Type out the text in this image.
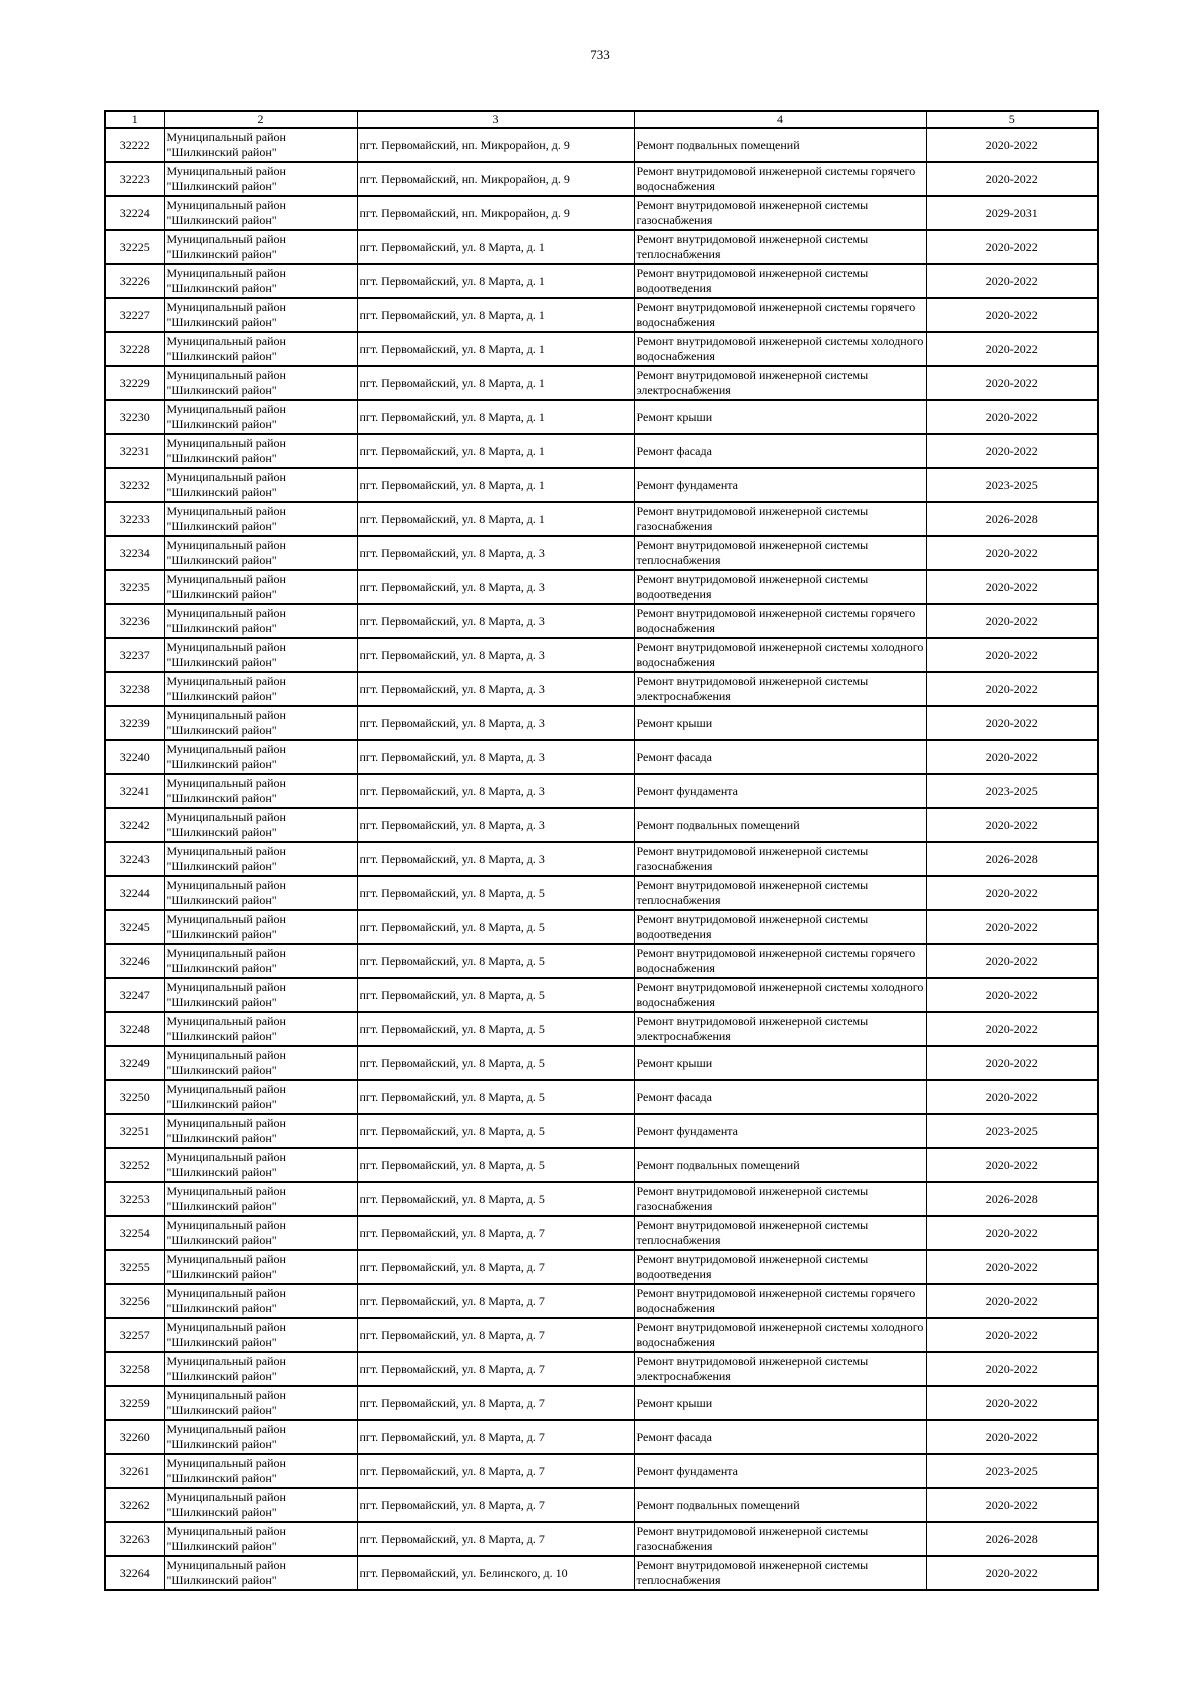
733
1	2	3	4	5
32222	Муниципальный район "Шилкинский район"	пгт. Первомайский, нп. Микрорайон, д. 9	Ремонт подвальных помещений	2020-2022
32223	Муниципальный район "Шилкинский район"	пгт. Первомайский, нп. Микрорайон, д. 9	Ремонт внутридомовой инженерной системы горячего водоснабжения	2020-2022
32224	Муниципальный район "Шилкинский район"	пгт. Первомайский, нп. Микрорайон, д. 9	Ремонт внутридомовой инженерной системы газоснабжения	2029-2031
32225	Муниципальный район "Шилкинский район"	пгт. Первомайский, ул. 8 Марта, д. 1	Ремонт внутридомовой инженерной системы теплоснабжения	2020-2022
32226	Муниципальный район "Шилкинский район"	пгт. Первомайский, ул. 8 Марта, д. 1	Ремонт внутридомовой инженерной системы водоотведения	2020-2022
32227	Муниципальный район "Шилкинский район"	пгт. Первомайский, ул. 8 Марта, д. 1	Ремонт внутридомовой инженерной системы горячего водоснабжения	2020-2022
32228	Муниципальный район "Шилкинский район"	пгт. Первомайский, ул. 8 Марта, д. 1	Ремонт внутридомовой инженерной системы холодного водоснабжения	2020-2022
32229	Муниципальный район "Шилкинский район"	пгт. Первомайский, ул. 8 Марта, д. 1	Ремонт внутридомовой инженерной системы электроснабжения	2020-2022
32230	Муниципальный район "Шилкинский район"	пгт. Первомайский, ул. 8 Марта, д. 1	Ремонт крыши	2020-2022
32231	Муниципальный район "Шилкинский район"	пгт. Первомайский, ул. 8 Марта, д. 1	Ремонт фасада	2020-2022
32232	Муниципальный район "Шилкинский район"	пгт. Первомайский, ул. 8 Марта, д. 1	Ремонт фундамента	2023-2025
32233	Муниципальный район "Шилкинский район"	пгт. Первомайский, ул. 8 Марта, д. 1	Ремонт внутридомовой инженерной системы газоснабжения	2026-2028
32234	Муниципальный район "Шилкинский район"	пгт. Первомайский, ул. 8 Марта, д. 3	Ремонт внутридомовой инженерной системы теплоснабжения	2020-2022
32235	Муниципальный район "Шилкинский район"	пгт. Первомайский, ул. 8 Марта, д. 3	Ремонт внутридомовой инженерной системы водоотведения	2020-2022
32236	Муниципальный район "Шилкинский район"	пгт. Первомайский, ул. 8 Марта, д. 3	Ремонт внутридомовой инженерной системы горячего водоснабжения	2020-2022
32237	Муниципальный район "Шилкинский район"	пгт. Первомайский, ул. 8 Марта, д. 3	Ремонт внутридомовой инженерной системы холодного водоснабжения	2020-2022
32238	Муниципальный район "Шилкинский район"	пгт. Первомайский, ул. 8 Марта, д. 3	Ремонт внутридомовой инженерной системы электроснабжения	2020-2022
32239	Муниципальный район "Шилкинский район"	пгт. Первомайский, ул. 8 Марта, д. 3	Ремонт крыши	2020-2022
32240	Муниципальный район "Шилкинский район"	пгт. Первомайский, ул. 8 Марта, д. 3	Ремонт фасада	2020-2022
32241	Муниципальный район "Шилкинский район"	пгт. Первомайский, ул. 8 Марта, д. 3	Ремонт фундамента	2023-2025
32242	Муниципальный район "Шилкинский район"	пгт. Первомайский, ул. 8 Марта, д. 3	Ремонт подвальных помещений	2020-2022
32243	Муниципальный район "Шилкинский район"	пгт. Первомайский, ул. 8 Марта, д. 3	Ремонт внутридомовой инженерной системы газоснабжения	2026-2028
32244	Муниципальный район "Шилкинский район"	пгт. Первомайский, ул. 8 Марта, д. 5	Ремонт внутридомовой инженерной системы теплоснабжения	2020-2022
32245	Муниципальный район "Шилкинский район"	пгт. Первомайский, ул. 8 Марта, д. 5	Ремонт внутридомовой инженерной системы водоотведения	2020-2022
32246	Муниципальный район "Шилкинский район"	пгт. Первомайский, ул. 8 Марта, д. 5	Ремонт внутридомовой инженерной системы горячего водоснабжения	2020-2022
32247	Муниципальный район "Шилкинский район"	пгт. Первомайский, ул. 8 Марта, д. 5	Ремонт внутридомовой инженерной системы холодного водоснабжения	2020-2022
32248	Муниципальный район "Шилкинский район"	пгт. Первомайский, ул. 8 Марта, д. 5	Ремонт внутридомовой инженерной системы электроснабжения	2020-2022
32249	Муниципальный район "Шилкинский район"	пгт. Первомайский, ул. 8 Марта, д. 5	Ремонт крыши	2020-2022
32250	Муниципальный район "Шилкинский район"	пгт. Первомайский, ул. 8 Марта, д. 5	Ремонт фасада	2020-2022
32251	Муниципальный район "Шилкинский район"	пгт. Первомайский, ул. 8 Марта, д. 5	Ремонт фундамента	2023-2025
32252	Муниципальный район "Шилкинский район"	пгт. Первомайский, ул. 8 Марта, д. 5	Ремонт подвальных помещений	2020-2022
32253	Муниципальный район "Шилкинский район"	пгт. Первомайский, ул. 8 Марта, д. 5	Ремонт внутридомовой инженерной системы газоснабжения	2026-2028
32254	Муниципальный район "Шилкинский район"	пгт. Первомайский, ул. 8 Марта, д. 7	Ремонт внутридомовой инженерной системы теплоснабжения	2020-2022
32255	Муниципальный район "Шилкинский район"	пгт. Первомайский, ул. 8 Марта, д. 7	Ремонт внутридомовой инженерной системы водоотведения	2020-2022
32256	Муниципальный район "Шилкинский район"	пгт. Первомайский, ул. 8 Марта, д. 7	Ремонт внутридомовой инженерной системы горячего водоснабжения	2020-2022
32257	Муниципальный район "Шилкинский район"	пгт. Первомайский, ул. 8 Марта, д. 7	Ремонт внутридомовой инженерной системы холодного водоснабжения	2020-2022
32258	Муниципальный район "Шилкинский район"	пгт. Первомайский, ул. 8 Марта, д. 7	Ремонт внутридомовой инженерной системы электроснабжения	2020-2022
32259	Муниципальный район "Шилкинский район"	пгт. Первомайский, ул. 8 Марта, д. 7	Ремонт крыши	2020-2022
32260	Муниципальный район "Шилкинский район"	пгт. Первомайский, ул. 8 Марта, д. 7	Ремонт фасада	2020-2022
32261	Муниципальный район "Шилкинский район"	пгт. Первомайский, ул. 8 Марта, д. 7	Ремонт фундамента	2023-2025
32262	Муниципальный район "Шилкинский район"	пгт. Первомайский, ул. 8 Марта, д. 7	Ремонт подвальных помещений	2020-2022
32263	Муниципальный район "Шилкинский район"	пгт. Первомайский, ул. 8 Марта, д. 7	Ремонт внутридомовой инженерной системы газоснабжения	2026-2028
32264	Муниципальный район "Шилкинский район"	пгт. Первомайский, ул. Белинского, д. 10	Ремонт внутридомовой инженерной системы теплоснабжения	2020-2022
